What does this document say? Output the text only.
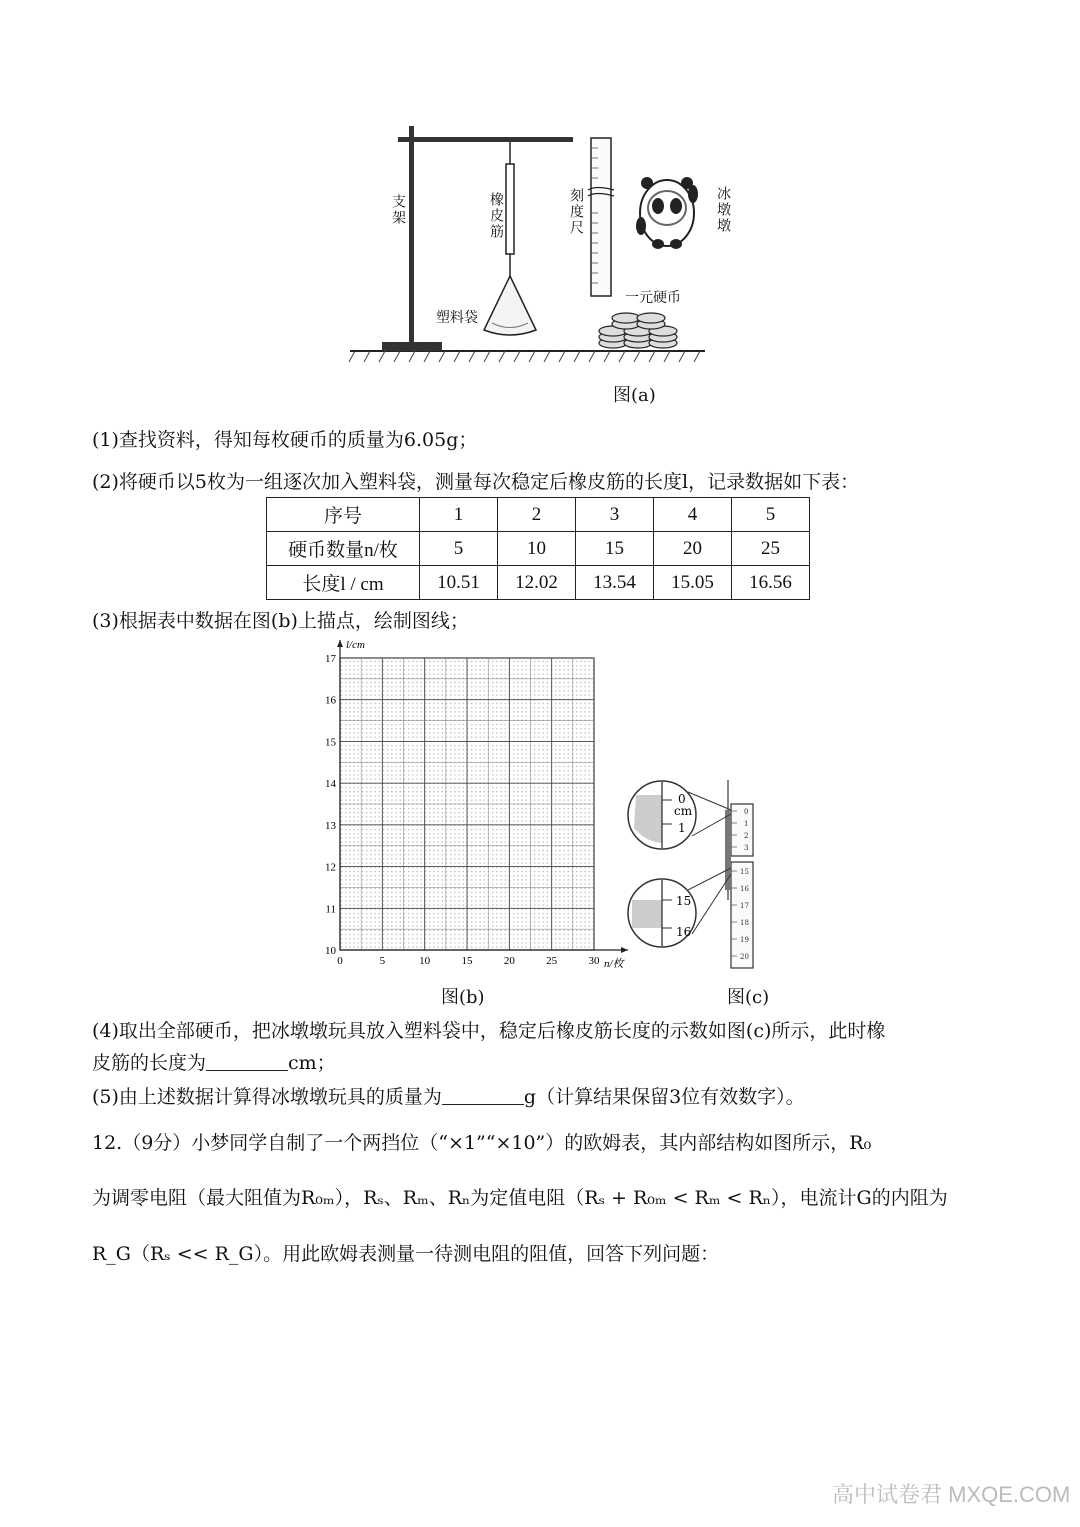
支架	橡皮筋	刻度尺	冰墩墩
一元硬币
塑料袋
图(a)
(1)查找资料，得知每枚硬币的质量为6.05g；
(2)将硬币以5枚为一组逐次加入塑料袋，测量每次稳定后橡皮筋的长度l，记录数据如下表：
序号	1	2	3	4	5
硬币数量n/枚	5	10	15	20	25
长度l / cm	10.51	12.02	13.54	15.05	16.56
(3)根据表中数据在图(b)上描点，绘制图线；
0	5	10	15	20	25	30
10
11
12
13
14
15
16
17
l/cm
n/枚
图(b)
0
cm
1
15
16
0
1
2
3
15
16
17
18
19
20
图(c)
(4)取出全部硬币，把冰墩墩玩具放入塑料袋中，稳定后橡皮筋长度的示数如图(c)所示，此时橡
皮筋的长度为	cm；
(5)由上述数据计算得冰墩墩玩具的质量为	g（计算结果保留3位有效数字）。
12.（9分）小梦同学自制了一个两挡位（“×1”“×10”）的欧姆表，其内部结构如图所示，R₀
为调零电阻（最大阻值为R₀ₘ），Rₛ、Rₘ、Rₙ为定值电阻（Rₛ + R₀ₘ < Rₘ < Rₙ），电流计G的内阻为
R_G（Rₛ << R_G）。用此欧姆表测量一待测电阻的阻值，回答下列问题：
高中试卷君 MXQE.COM
